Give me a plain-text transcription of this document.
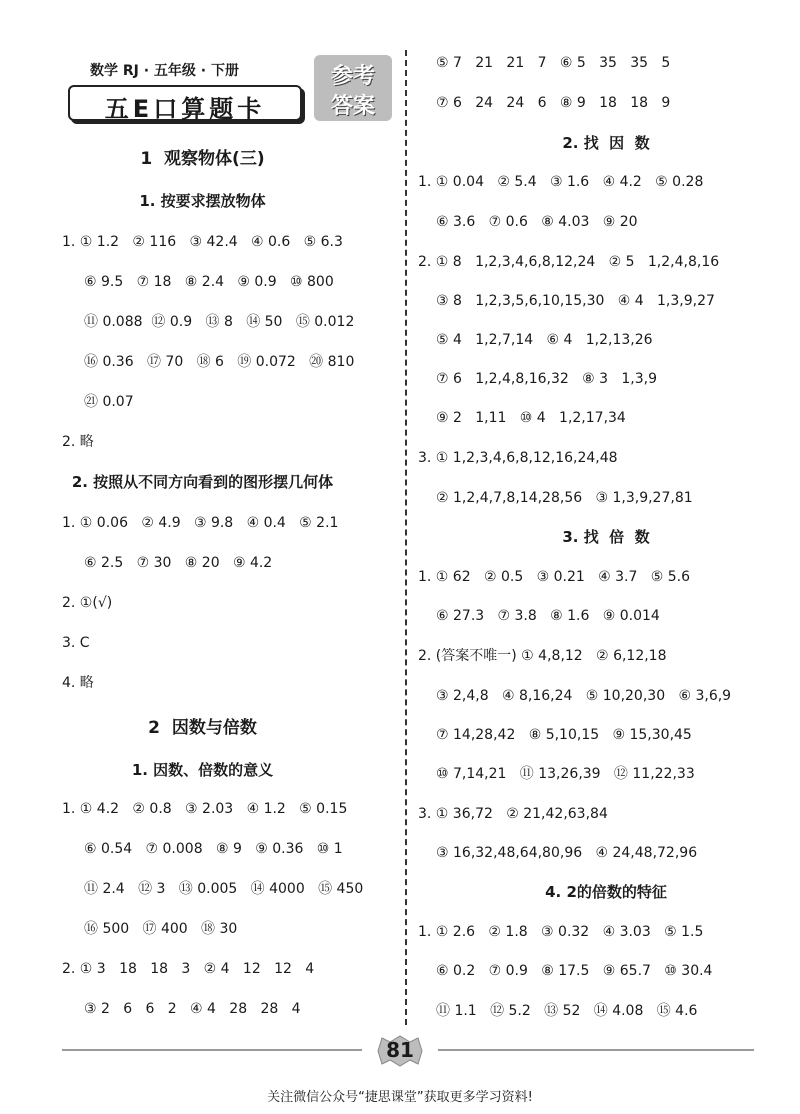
数学 RJ · 五年级 · 下册
五E口算题卡
参考
答案
1  观察物体(三)
1. 按要求摆放物体
1. ① 1.2   ② 116   ③ 42.4   ④ 0.6   ⑤ 6.3
⑥ 9.5   ⑦ 18   ⑧ 2.4   ⑨ 0.9   ⑩ 800
⑪ 0.088  ⑫ 0.9   ⑬ 8   ⑭ 50   ⑮ 0.012
⑯ 0.36   ⑰ 70   ⑱ 6   ⑲ 0.072   ⑳ 810
㉑ 0.07
2. 略
2. 按照从不同方向看到的图形摆几何体
1. ① 0.06   ② 4.9   ③ 9.8   ④ 0.4   ⑤ 2.1
⑥ 2.5   ⑦ 30   ⑧ 20   ⑨ 4.2
2. ①(√)
3. C
4. 略
2  因数与倍数
1. 因数、倍数的意义
1. ① 4.2   ② 0.8   ③ 2.03   ④ 1.2   ⑤ 0.15
⑥ 0.54   ⑦ 0.008   ⑧ 9   ⑨ 0.36   ⑩ 1
⑪ 2.4   ⑫ 3   ⑬ 0.005   ⑭ 4000   ⑮ 450
⑯ 500   ⑰ 400   ⑱ 30
2. ① 3   18   18   3   ② 4   12   12   4
③ 2   6   6   2   ④ 4   28   28   4
⑤ 7   21   21   7   ⑥ 5   35   35   5
⑦ 6   24   24   6   ⑧ 9   18   18   9
2. 找  因  数
1. ① 0.04   ② 5.4   ③ 1.6   ④ 4.2   ⑤ 0.28
⑥ 3.6   ⑦ 0.6   ⑧ 4.03   ⑨ 20
2. ① 8   1,2,3,4,6,8,12,24   ② 5   1,2,4,8,16
③ 8   1,2,3,5,6,10,15,30   ④ 4   1,3,9,27
⑤ 4   1,2,7,14   ⑥ 4   1,2,13,26
⑦ 6   1,2,4,8,16,32   ⑧ 3   1,3,9
⑨ 2   1,11   ⑩ 4   1,2,17,34
3. ① 1,2,3,4,6,8,12,16,24,48
② 1,2,4,7,8,14,28,56   ③ 1,3,9,27,81
3. 找  倍  数
1. ① 62   ② 0.5   ③ 0.21   ④ 3.7   ⑤ 5.6
⑥ 27.3   ⑦ 3.8   ⑧ 1.6   ⑨ 0.014
2. (答案不唯一) ① 4,8,12   ② 6,12,18
③ 2,4,8   ④ 8,16,24   ⑤ 10,20,30   ⑥ 3,6,9
⑦ 14,28,42   ⑧ 5,10,15   ⑨ 15,30,45
⑩ 7,14,21   ⑪ 13,26,39   ⑫ 11,22,33
3. ① 36,72   ② 21,42,63,84
③ 16,32,48,64,80,96   ④ 24,48,72,96
4. 2的倍数的特征
1. ① 2.6   ② 1.8   ③ 0.32   ④ 3.03   ⑤ 1.5
⑥ 0.2   ⑦ 0.9   ⑧ 17.5   ⑨ 65.7   ⑩ 30.4
⑪ 1.1   ⑫ 5.2   ⑬ 52   ⑭ 4.08   ⑮ 4.6
81
关注微信公众号“捷思课堂”获取更多学习资料!
